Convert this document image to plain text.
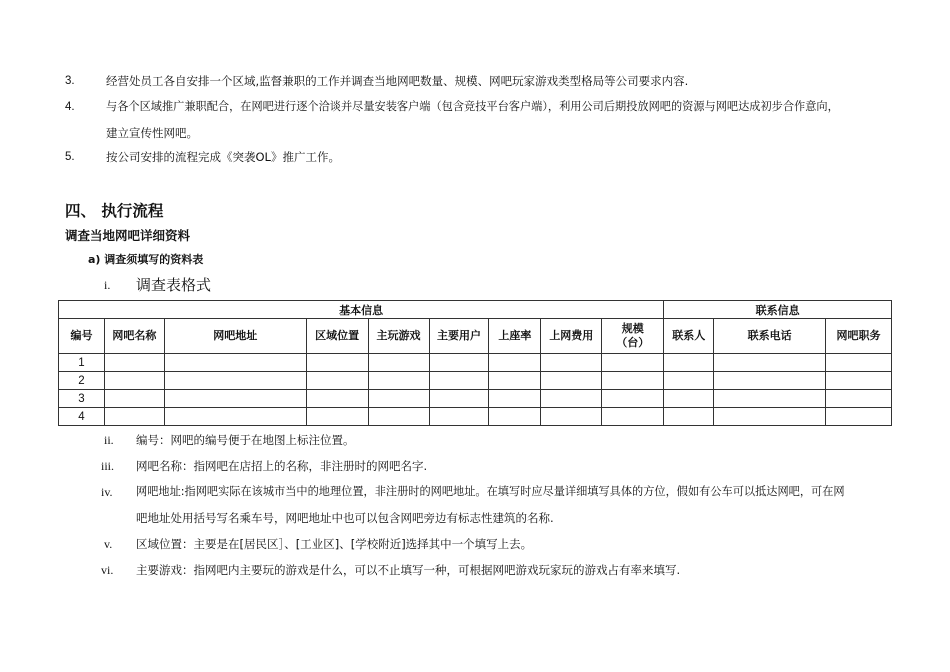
3.	经营处员工各自安排一个区域,监督兼职的工作并调查当地网吧数量、规模、网吧玩家游戏类型格局等公司要求内容.
4.	与各个区域推广兼职配合，在网吧进行逐个洽谈并尽量安装客户端（包含竞技平台客户端），利用公司后期投放网吧的资源与网吧达成初步合作意向，
建立宣传性网吧。
5.	按公司安排的流程完成《突袭OL》推广工作。
四、 执行流程
调查当地网吧详细资料
a) 调查须填写的资料表
i. 调查表格式
基本信息									联系信息		
编号	网吧名称	网吧地址	区域位置	主玩游戏	主要用户	上座率	上网费用	规模（台）	联系人	联系电话	网吧职务
1											
2											
3											
4											
ii. 编号：网吧的编号便于在地图上标注位置。
iii. 网吧名称：指网吧在店招上的名称，非注册时的网吧名字.
iv. 网吧地址:指网吧实际在该城市当中的地理位置，非注册时的网吧地址。在填写时应尽量详细填写具体的方位，假如有公车可以抵达网吧，可在网
吧地址处用括号写名乘车号，网吧地址中也可以包含网吧旁边有标志性建筑的名称.
v. 区域位置：主要是在[居民区］、[工业区]、[学校附近]选择其中一个填写上去。
vi. 主要游戏：指网吧内主要玩的游戏是什么，可以不止填写一种，可根据网吧游戏玩家玩的游戏占有率来填写.
